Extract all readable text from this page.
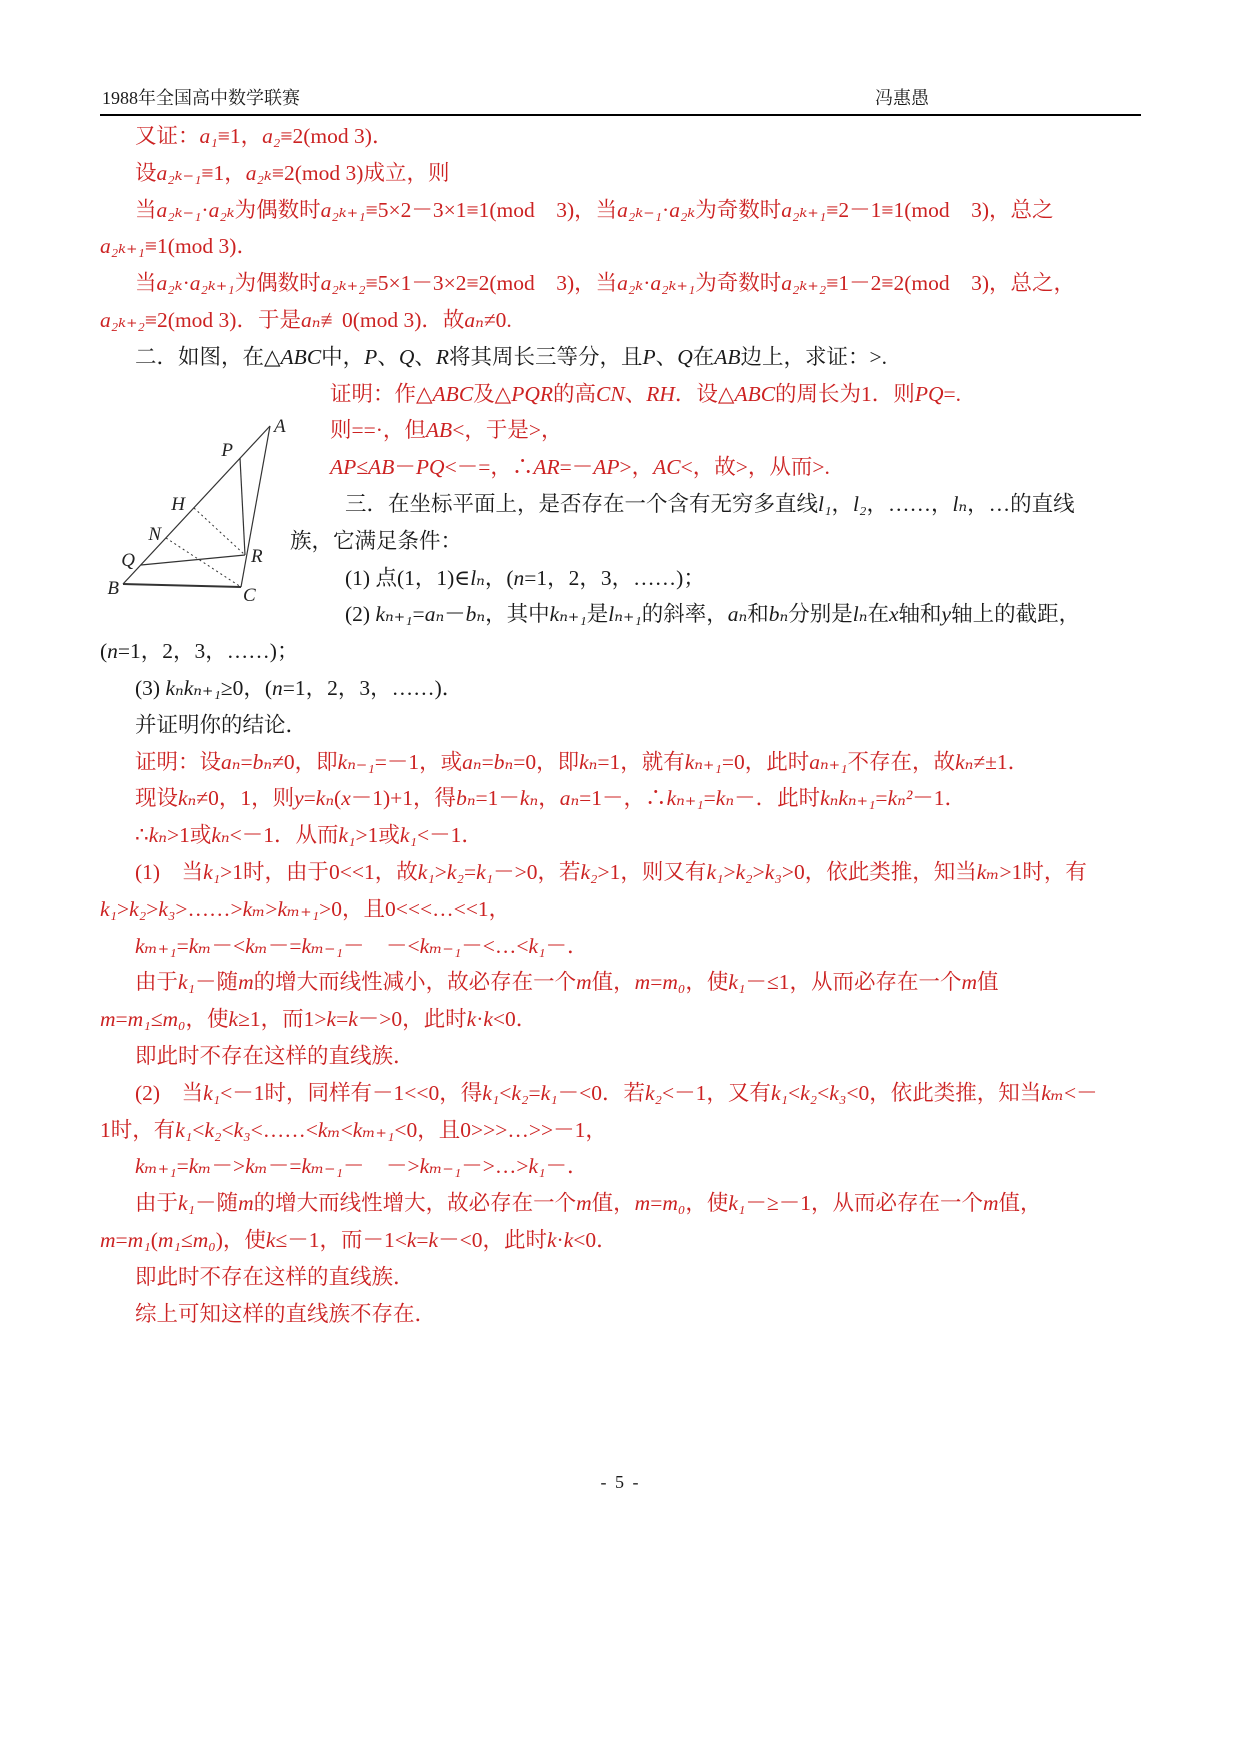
1988年全国高中数学联赛	冯惠愚

又证：a₁≡1，a₂≡2(mod 3)．

设a₂ₖ₋₁≡1，a₂ₖ≡2(mod 3)成立，则

当a₂ₖ₋₁·a₂ₖ为偶数时a₂ₖ₊₁≡5×2－3×1≡1(mod　3)，当a₂ₖ₋₁·a₂ₖ为奇数时a₂ₖ₊₁≡2－1≡1(mod　3)，总之

a₂ₖ₊₁≡1(mod 3)．

当a₂ₖ·a₂ₖ₊₁为偶数时a₂ₖ₊₂≡5×1－3×2≡2(mod　3)，当a₂ₖ·a₂ₖ₊₁为奇数时a₂ₖ₊₂≡1－2≡2(mod　3)，总之，

a₂ₖ₊₂≡2(mod 3)．于是aₙ≢0(mod 3)．故aₙ≠0.

二．如图，在△ABC中，P、Q、R将其周长三等分，且P、Q在AB边上，求证：>.

证明：作△ABC及△PQR的高CN、RH．设△ABC的周长为1．则PQ=.

则==·，但AB<，于是>，

AP≤AB－PQ<－=，∴AR=－AP>，AC<，故>，从而>.

三．在坐标平面上，是否存在一个含有无穷多直线l₁，l₂，……，lₙ，…的直线

族，它满足条件：

(1) 点(1，1)∈lₙ，(n=1，2，3，……)；

(2) kₙ₊₁=aₙ－bₙ，其中kₙ₊₁是lₙ₊₁的斜率，aₙ和bₙ分别是lₙ在x轴和y轴上的截距，

(n=1，2，3，……)；

(3) kₙkₙ₊₁≥0，(n=1，2，3，……)．

并证明你的结论．

证明：设aₙ=bₙ≠0，即kₙ₋₁=－1，或aₙ=bₙ=0，即kₙ=1，就有kₙ₊₁=0，此时aₙ₊₁不存在，故kₙ≠±1．

现设kₙ≠0，1，则y=kₙ(x－1)+1，得bₙ=1－kₙ，aₙ=1－，∴kₙ₊₁=kₙ－．此时kₙkₙ₊₁=kₙ²－1．

∴kₙ>1或kₙ<－1．从而k₁>1或k₁<－1．

(1)　当k₁>1时，由于0<<1，故k₁>k₂=k₁－>0，若k₂>1，则又有k₁>k₂>k₃>0，依此类推，知当kₘ>1时，有

k₁>k₂>k₃>……>kₘ>kₘ₊₁>0，且0<<<…<<1，

kₘ₊₁=kₘ－<kₘ－=kₘ₋₁－　－<kₘ₋₁－<…<k₁－．

由于k₁－随m的增大而线性减小，故必存在一个m值，m=m₀，使k₁－≤1，从而必存在一个m值

m=m₁≤m₀，使k≥1，而1>k=k－>0，此时k·k<0．

即此时不存在这样的直线族．

(2)　当k₁<－1时，同样有－1<<0，得k₁<k₂=k₁－<0．若k₂<－1，又有k₁<k₂<k₃<0，依此类推，知当kₘ<－

1时，有k₁<k₂<k₃<……<kₘ<kₘ₊₁<0，且0>>>…>>－1，

kₘ₊₁=kₘ－>kₘ－=kₘ₋₁－　－>kₘ₋₁－>…>k₁－．

由于k₁－随m的增大而线性增大，故必存在一个m值，m=m₀，使k₁－≥－1，从而必存在一个m值，

m=m₁(m₁≤m₀)，使k≤－1，而－1<k=k－<0，此时k·k<0．

即此时不存在这样的直线族．

综上可知这样的直线族不存在．

A
P
H
N
Q
B
R
C
- 5 -
